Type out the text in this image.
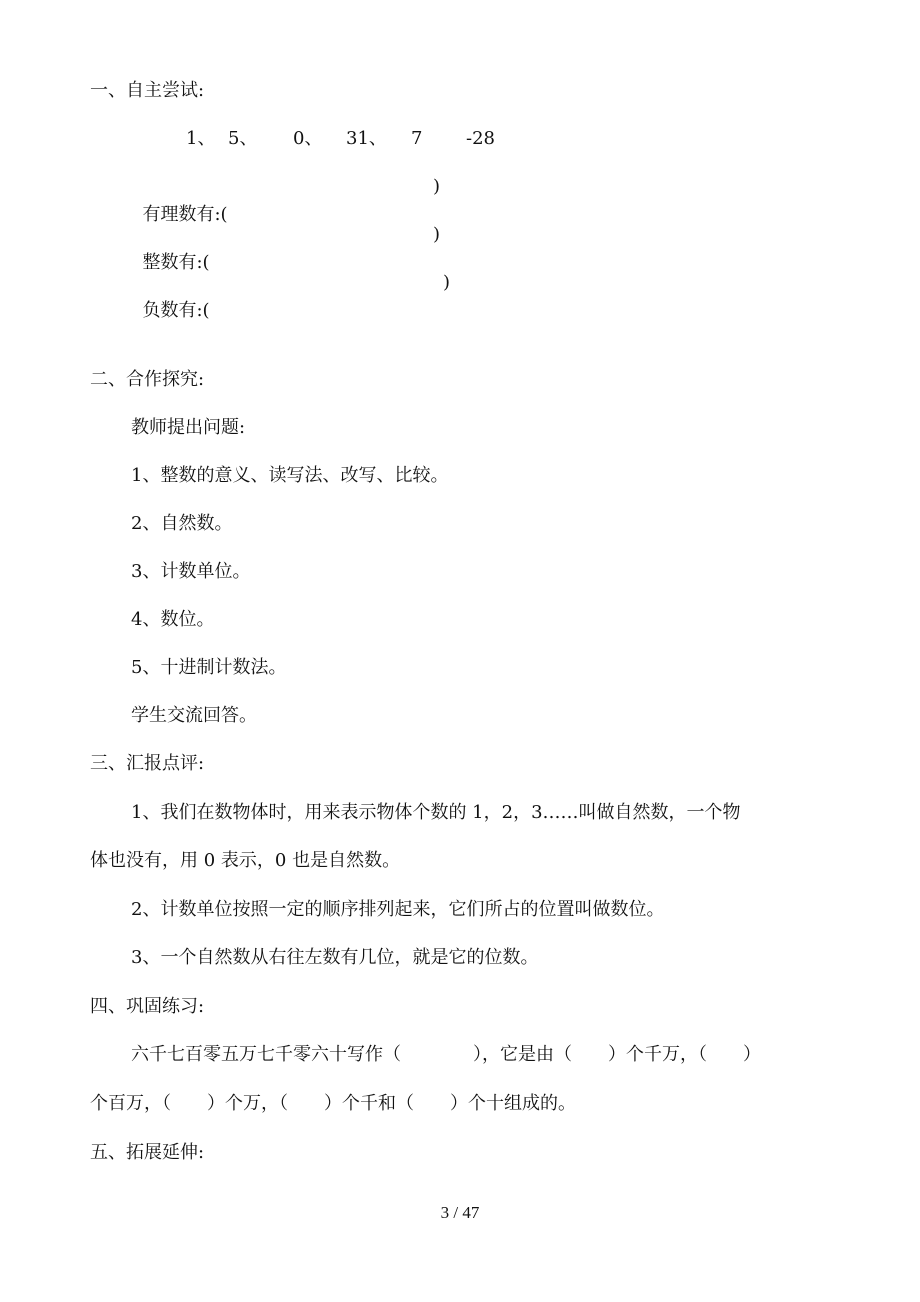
一、自主尝试:

1、

5、

0、

31、

7

-28

有理数有:(

)

整数有:(

)

负数有:(

)

二、合作探究:
教师提出问题:
1、整数的意义、读写法、改写、比较。
2、自然数。
3、计数单位。
4、数位。
5、十进制计数法。
学生交流回答。
三、汇报点评:
1、我们在数物体时，用来表示物体个数的 1，2，3……叫做自然数，一个物
体也没有，用 0 表示，0 也是自然数。
2、计数单位按照一定的顺序排列起来，它们所占的位置叫做数位。
3、一个自然数从右往左数有几位，就是它的位数。
四、巩固练习:
六千七百零五万七千零六十写作（　　　　），它是由（　　）个千万，（　　）
个百万，（　　）个万，（　　）个千和（　　）个十组成的。
五、拓展延伸:
3 / 47
